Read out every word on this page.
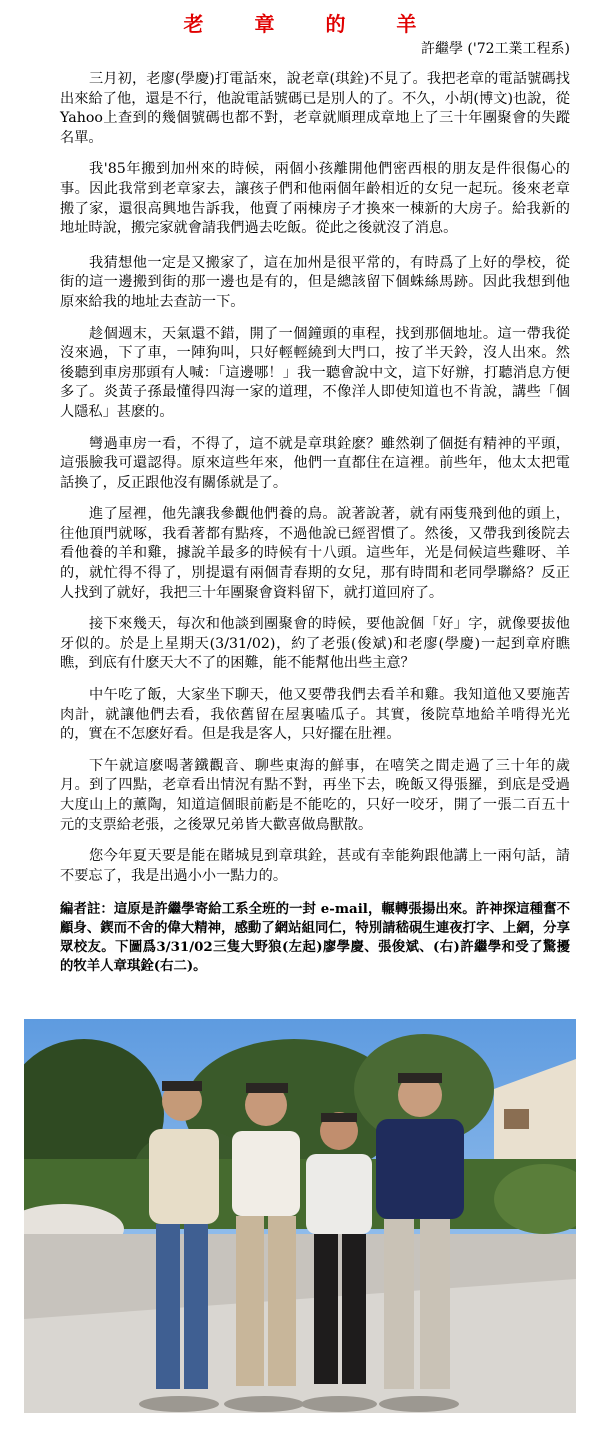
老 章 的 羊
許繼學 ('72工業工程系)

三月初，老廖(學慶)打電話來，說老章(琪銓)不見了。我把老章的電話號碼找出來給了他，還是不行，他說電話號碼已是別人的了。不久，小胡(博文)也說，從Yahoo上查到的幾個號碼也都不對，老章就順理成章地上了三十年團聚會的失蹤名單。

我'85年搬到加州來的時候，兩個小孩離開他們密西根的朋友是件很傷心的事。因此我常到老章家去，讓孩子們和他兩個年齡相近的女兒一起玩。後來老章搬了家，還很高興地告訴我，他賣了兩棟房子才換來一棟新的大房子。給我新的地址時說，搬完家就會請我們過去吃飯。從此之後就沒了消息。

我猜想他一定是又搬家了，這在加州是很平常的，有時爲了上好的學校，從街的這一邊搬到街的那一邊也是有的，但是總該留下個蛛絲馬跡。因此我想到他原來給我的地址去查訪一下。

趁個週末，天氣還不錯，開了一個鐘頭的車程，找到那個地址。這一帶我從沒來過，下了車，一陣狗叫，只好輕輕繞到大門口，按了半天鈴，沒人出來。然後聽到車房那頭有人喊：「這邊哪！」我一聽會說中文，這下好辦，打聽消息方便多了。炎黃子孫最懂得四海一家的道理，不像洋人即使知道也不肯說，講些「個人隱私」甚麽的。

彎過車房一看，不得了，這不就是章琪銓麽？雖然剃了個挺有精神的平頭，這張臉我可還認得。原來這些年來，他們一直都住在這裡。前些年，他太太把電話換了，反正跟他沒有關係就是了。

進了屋裡，他先讓我參觀他們養的鳥。說著說著，就有兩隻飛到他的頭上，往他頂門就啄，我看著都有點疼，不過他說已經習慣了。然後，又帶我到後院去看他養的羊和雞，據說羊最多的時候有十八頭。這些年，光是伺候這些雞呀、羊的，就忙得不得了，別提還有兩個青春期的女兒，那有時間和老同學聯絡？反正人找到了就好，我把三十年團聚會資料留下，就打道回府了。

接下來幾天，每次和他談到團聚會的時候，要他說個「好」字，就像要拔他牙似的。於是上星期天(3/31/02)，約了老張(俊斌)和老廖(學慶)一起到章府瞧瞧，到底有什麽天大不了的困難，能不能幫他出些主意？

中午吃了飯，大家坐下聊天，他又要帶我們去看羊和雞。我知道他又要施苦肉計，就讓他們去看，我依舊留在屋裏嗑瓜子。其實，後院草地給羊啃得光光的，實在不怎麽好看。但是我是客人，只好擺在肚裡。

下午就這麽喝著鐵觀音、聊些東海的鮮事，在嘻笑之間走過了三十年的歲月。到了四點，老章看出情況有點不對，再坐下去，晚飯又得張羅，到底是受過大度山上的薰陶，知道這個眼前虧是不能吃的，只好一咬牙，開了一張二百五十元的支票給老張，之後眾兄弟皆大歡喜做鳥獸散。

您今年夏天要是能在賭城見到章琪銓，甚或有幸能夠跟他講上一兩句話，請不要忘了，我是出過小小一點力的。

編者註：這原是許繼學寄給工系全班的一封 e-mail，輾轉張揚出來。許神探這種奮不顧身、鍥而不舍的偉大精神，感動了網站組同仁，特別請嵇硯生連夜打字、上網，分享眾校友。下圖爲3/31/02三隻大野狼(左起)廖學慶、張俊斌、(右)許繼學和受了驚擾的牧羊人章琪銓(右二)。
